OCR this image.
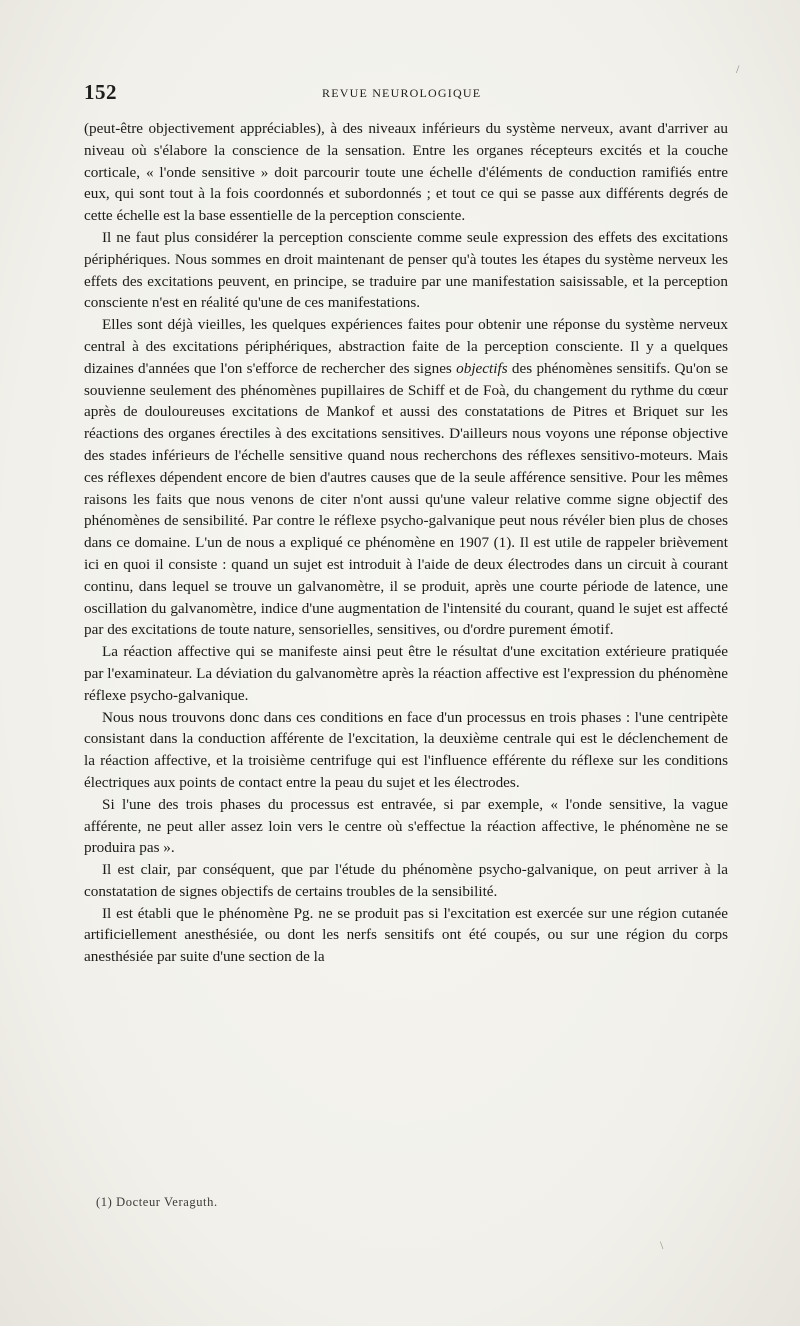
152	REVUE NEUROLOGIQUE

(peut-être objectivement appréciables), à des niveaux inférieurs du système nerveux, avant d'arriver au niveau où s'élabore la conscience de la sensation. Entre les organes récepteurs excités et la couche corticale, « l'onde sensitive » doit parcourir toute une échelle d'éléments de conduction ramifiés entre eux, qui sont tout à la fois coordonnés et subordonnés ; et tout ce qui se passe aux différents degrés de cette échelle est la base essentielle de la perception consciente.

Il ne faut plus considérer la perception consciente comme seule expression des effets des excitations périphériques. Nous sommes en droit maintenant de penser qu'à toutes les étapes du système nerveux les effets des excitations peuvent, en principe, se traduire par une manifestation saisissable, et la perception consciente n'est en réalité qu'une de ces manifestations.

Elles sont déjà vieilles, les quelques expériences faites pour obtenir une réponse du système nerveux central à des excitations périphériques, abstraction faite de la perception consciente. Il y a quelques dizaines d'années que l'on s'efforce de rechercher des signes objectifs des phénomènes sensitifs. Qu'on se souvienne seulement des phénomènes pupillaires de Schiff et de Foà, du changement du rythme du cœur après de douloureuses excitations de Mankof et aussi des constatations de Pitres et Briquet sur les réactions des organes érectiles à des excitations sensitives. D'ailleurs nous voyons une réponse objective des stades inférieurs de l'échelle sensitive quand nous recherchons des réflexes sensitivo-moteurs. Mais ces réflexes dépendent encore de bien d'autres causes que de la seule afférence sensitive. Pour les mêmes raisons les faits que nous venons de citer n'ont aussi qu'une valeur relative comme signe objectif des phénomènes de sensibilité. Par contre le réflexe psycho-galvanique peut nous révéler bien plus de choses dans ce domaine. L'un de nous a expliqué ce phénomène en 1907 (1). Il est utile de rappeler brièvement ici en quoi il consiste : quand un sujet est introduit à l'aide de deux électrodes dans un circuit à courant continu, dans lequel se trouve un galvanomètre, il se produit, après une courte période de latence, une oscillation du galvanomètre, indice d'une augmentation de l'intensité du courant, quand le sujet est affecté par des excitations de toute nature, sensorielles, sensitives, ou d'ordre purement émotif.

La réaction affective qui se manifeste ainsi peut être le résultat d'une excitation extérieure pratiquée par l'examinateur. La déviation du galvanomètre après la réaction affective est l'expression du phénomène réflexe psycho-galvanique.

Nous nous trouvons donc dans ces conditions en face d'un processus en trois phases : l'une centripète consistant dans la conduction afférente de l'excitation, la deuxième centrale qui est le déclenchement de la réaction affective, et la troisième centrifuge qui est l'influence efférente du réflexe sur les conditions électriques aux points de contact entre la peau du sujet et les électrodes.

Si l'une des trois phases du processus est entravée, si par exemple, « l'onde sensitive, la vague afférente, ne peut aller assez loin vers le centre où s'effectue la réaction affective, le phénomène ne se produira pas ».

Il est clair, par conséquent, que par l'étude du phénomène psycho-galvanique, on peut arriver à la constatation de signes objectifs de certains troubles de la sensibilité.

Il est établi que le phénomène Pg. ne se produit pas si l'excitation est exercée sur une région cutanée artificiellement anesthésiée, ou dont les nerfs sensitifs ont été coupés, ou sur une région du corps anesthésiée par suite d'une section de la

(1) Docteur Veraguth.
/
\
